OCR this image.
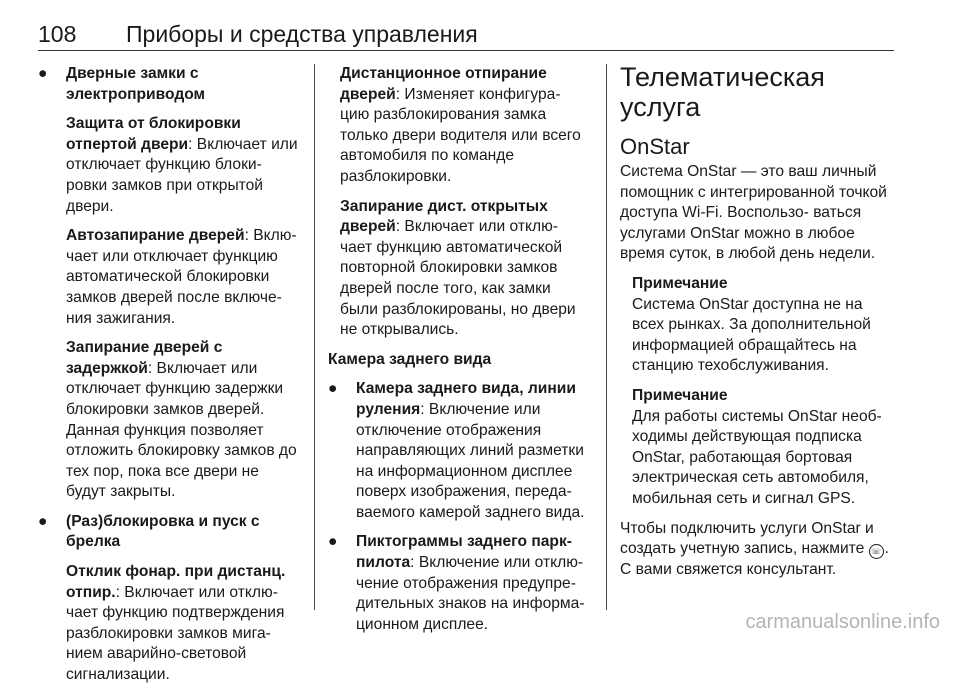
108 Приборы и средства управления
● Дверные замки с электроприводом

Защита от блокировки отпертой двери: Включает или отключает функцию блоки- ровки замков при открытой двери.

Автозапирание дверей: Вклю- чает или отключает функцию автоматической блокировки замков дверей после включе- ния зажигания.

Запирание дверей с задержкой: Включает или отключает функцию задержки блокировки замков дверей. Данная функция позволяет отложить блокировку замков до тех пор, пока все двери не будут закрыты.

● (Раз)блокировка и пуск с брелка

Отклик фонар. при дистанц. отпир.: Включает или отклю- чает функцию подтверждения разблокировки замков мига- нием аварийно-световой сигнализации.

Дистанционное отпирание дверей: Изменяет конфигура- цию разблокирования замка только двери водителя или всего автомобиля по команде разблокировки.

Запирание дист. открытых дверей: Включает или отклю- чает функцию автоматической повторной блокировки замков дверей после того, как замки были разблокированы, но двери не открывались.

Камера заднего вида
● Камера заднего вида, линии руления: Включение или отключение отображения направляющих линий разметки на информационном дисплее поверх изображения, переда- ваемого камерой заднего вида.
● Пиктограммы заднего парк- пилота: Включение или отклю- чение отображения предупре- дительных знаков на информа- ционном дисплее.
Телематическая услуга
OnStar

Система OnStar — это ваш личный помощник с интегрированной точкой доступа Wi-Fi. Воспользо- ваться услугами OnStar можно в любое время суток, в любой день недели.

Примечание
Система OnStar доступна не на всех рынках. За дополнительной информацией обращайтесь на станцию техобслуживания.

Примечание
Для работы системы OnStar необ- ходимы действующая подписка OnStar, работающая бортовая электрическая сеть автомобиля, мобильная сеть и сигнал GPS.

Чтобы подключить услуги OnStar и создать учетную запись, нажмите ☏ . С вами свяжется консультант.

carmanualsonline.info
